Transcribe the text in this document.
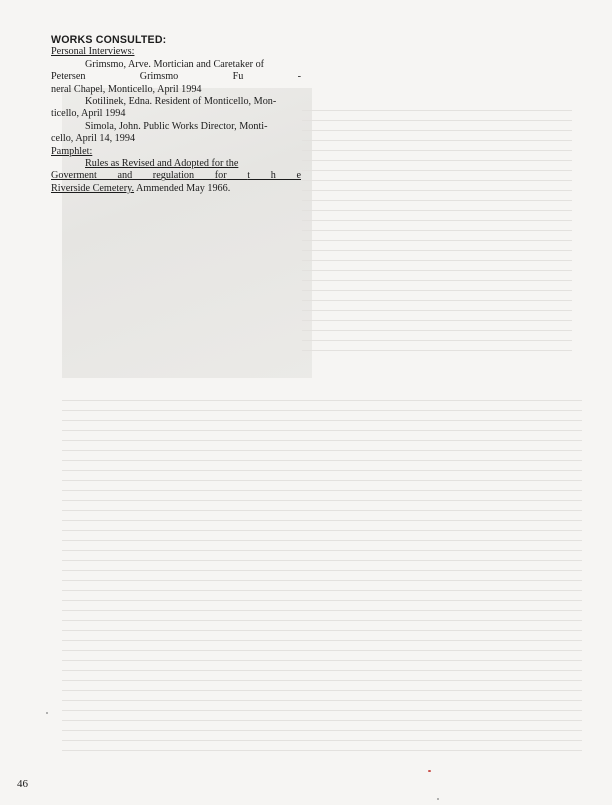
WORKS CONSULTED:
Personal Interviews:
Grimsmo, Arve. Mortician and Caretaker of
Petersen Grimsmo	Fu -
neral Chapel, Monticello, April 1994
Kotilinek, Edna. Resident of Monticello, Mon-
ticello, April 1994
Simola, John. Public Works Director, Monti-
cello, April 14, 1994
Pamphlet:
Rules as Revised and Adopted for the
Goverment and regulation for t h e
Riverside Cemetery. Ammended May 1966.
46
